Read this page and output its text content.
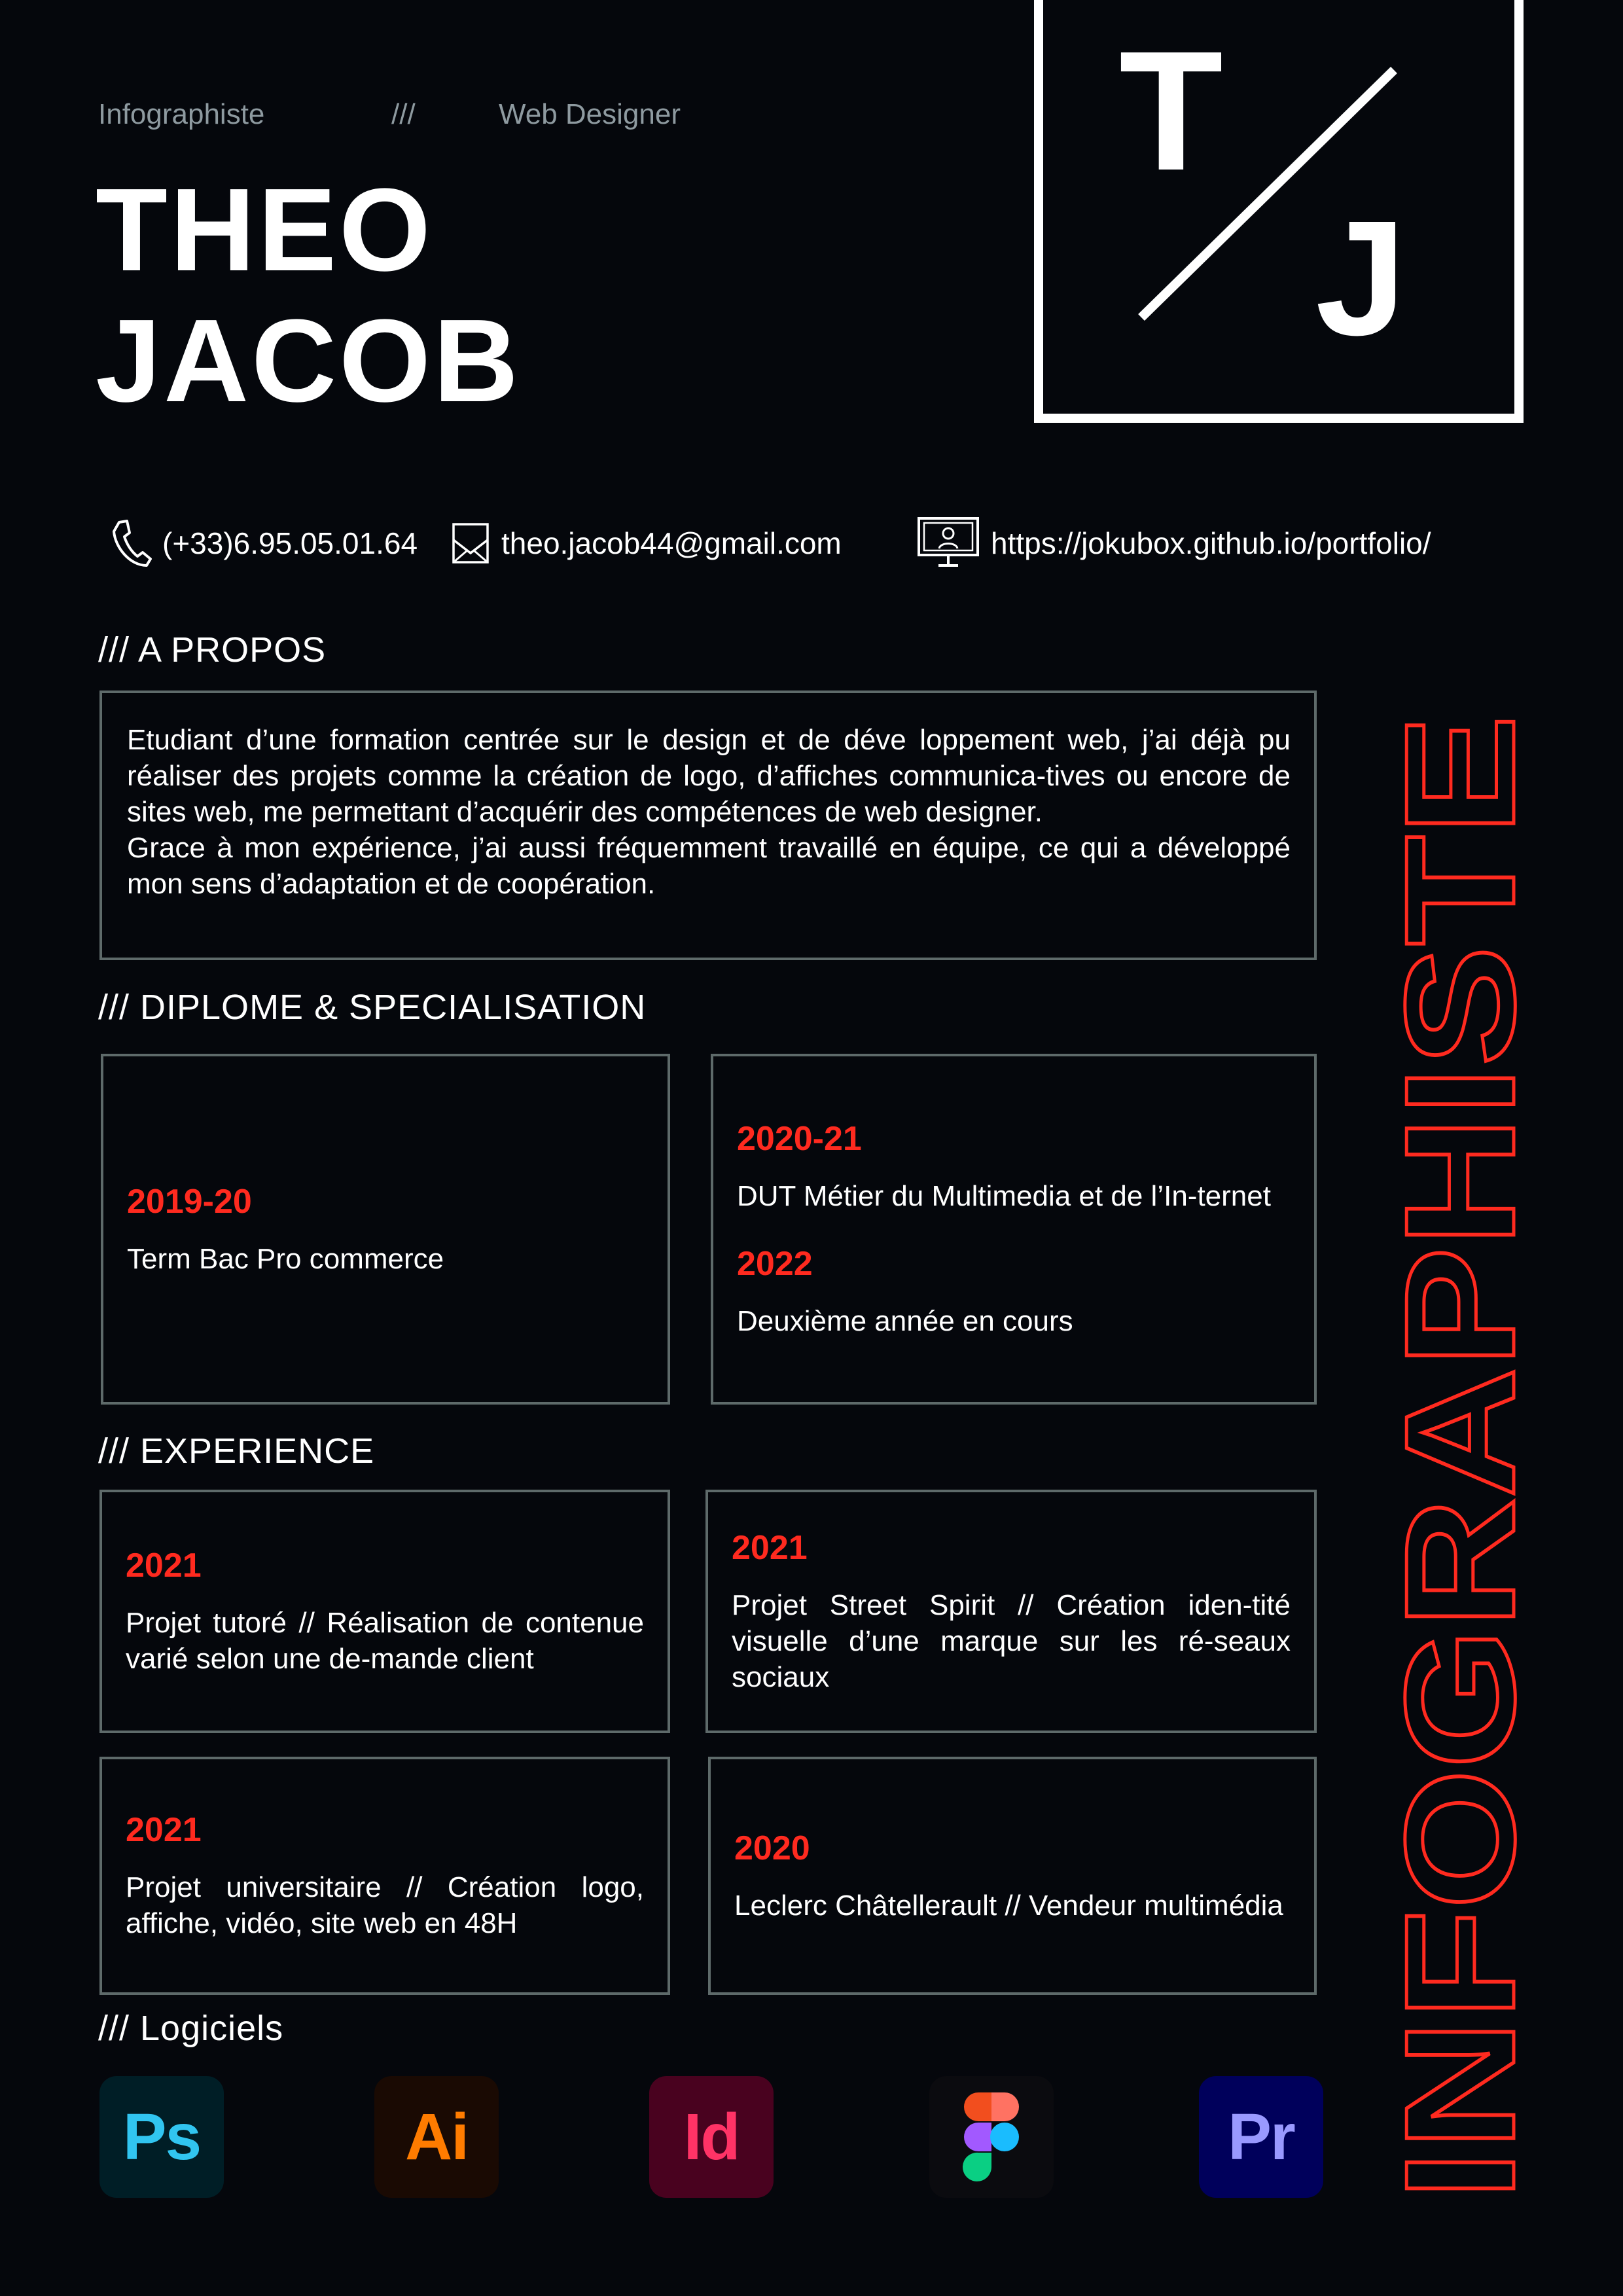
Infographiste	///	Web Designer
THEO
JACOB
T
J
(+33)6.95.05.01.64	theo.jacob44@gmail.com	https://jokubox.github.io/portfolio/
/// A PROPOS

Etudiant d’une formation centrée sur le design et de déve loppement web, j’ai déjà pu réaliser des projets comme la création de logo, d’affiches communica-tives ou encore de sites web, me permettant d’acquérir des compétences de web designer.

Grace à mon expérience, j’ai aussi fréquemment travaillé en équipe, ce qui a développé mon sens d’adaptation et de coopération.

/// DIPLOME & SPECIALISATION

2019-20

Term Bac Pro commerce

2020-21

DUT Métier du Multimedia et de l’In-ternet

2022

Deuxième année en cours

/// EXPERIENCE

2021

Projet tutoré // Réalisation de contenue varié selon une de-mande client

2021

Projet Street Spirit // Création iden-tité visuelle d’une marque sur les ré-seaux sociaux

2021

Projet universitaire // Création logo, affiche, vidéo, site web en 48H

2020

Leclerc Châtellerault // Vendeur multimédia

/// Logiciels
Ps	Ai	Id	Pr INFOGRAPHISTE
